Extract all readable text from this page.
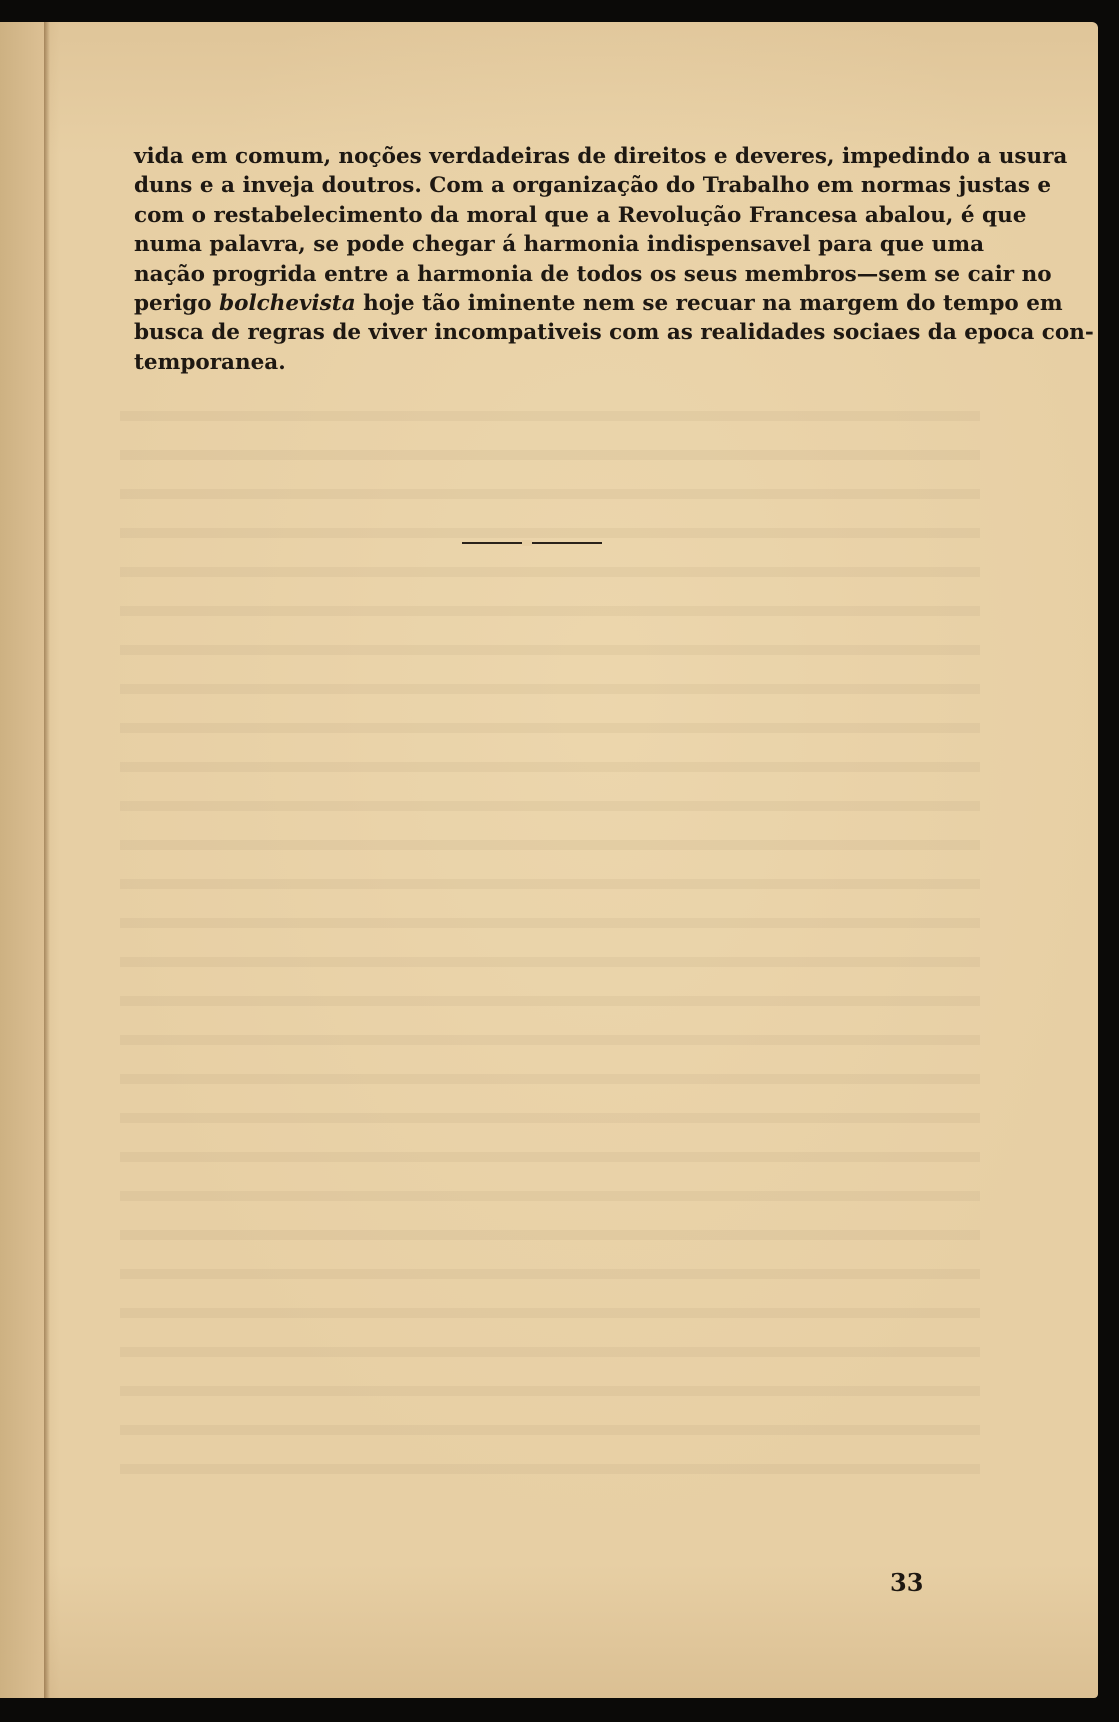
vida em comum, noções verdadeiras de direitos e deveres, impedindo a usura
duns e a inveja doutros. Com a organização do Trabalho em normas justas e
com o restabelecimento da moral que a Revolução Francesa abalou, é que
numa palavra, se pode chegar á harmonia indispensavel para que uma
nação progrida entre a harmonia de todos os seus membros—sem se cair no
perigo bolchevista hoje tão iminente nem se recuar na margem do tempo em
busca de regras de viver incompativeis com as realidades sociaes da epoca con-
temporanea.
33
